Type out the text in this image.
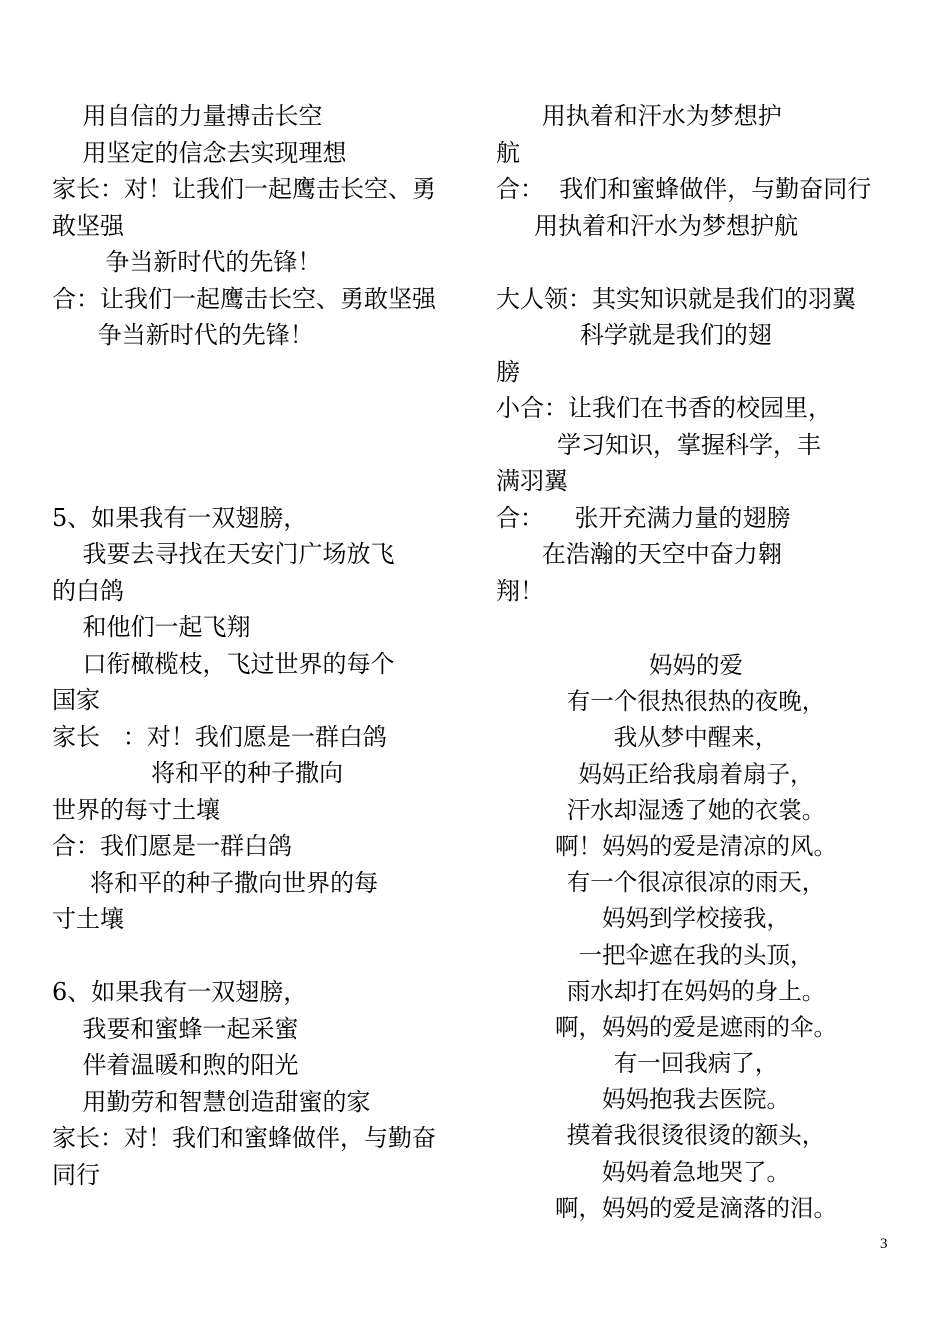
用自信的力量搏击长空
用坚定的信念去实现理想
家长：对！让我们一起鹰击长空、勇
敢坚强
争当新时代的先锋！
合：让我们一起鹰击长空、勇敢坚强
争当新时代的先锋！
5、如果我有一双翅膀，
我要去寻找在天安门广场放飞
的白鸽
和他们一起飞翔
口衔橄榄枝，飞过世界的每个
国家
家长   ：对！我们愿是一群白鸽
将和平的种子撒向
世界的每寸土壤
合：我们愿是一群白鸽
将和平的种子撒向世界的每
寸土壤
6、如果我有一双翅膀，
我要和蜜蜂一起采蜜
伴着温暖和煦的阳光
用勤劳和智慧创造甜蜜的家
家长：对！我们和蜜蜂做伴，与勤奋
同行
用执着和汗水为梦想护
航
合：  我们和蜜蜂做伴，与勤奋同行
用执着和汗水为梦想护航
大人领：其实知识就是我们的羽翼
科学就是我们的翅
膀
小合：让我们在书香的校园里，
学习知识，掌握科学，丰
满羽翼
合：    张开充满力量的翅膀
在浩瀚的天空中奋力翱
翔！
妈妈的爱
有一个很热很热的夜晚，
我从梦中醒来，
妈妈正给我扇着扇子，
汗水却湿透了她的衣裳。
啊！妈妈的爱是清凉的风。
有一个很凉很凉的雨天，
妈妈到学校接我，
一把伞遮在我的头顶，
雨水却打在妈妈的身上。
啊，妈妈的爱是遮雨的伞。
有一回我病了，
妈妈抱我去医院。
摸着我很烫很烫的额头，
妈妈着急地哭了。
啊，妈妈的爱是滴落的泪。
3
